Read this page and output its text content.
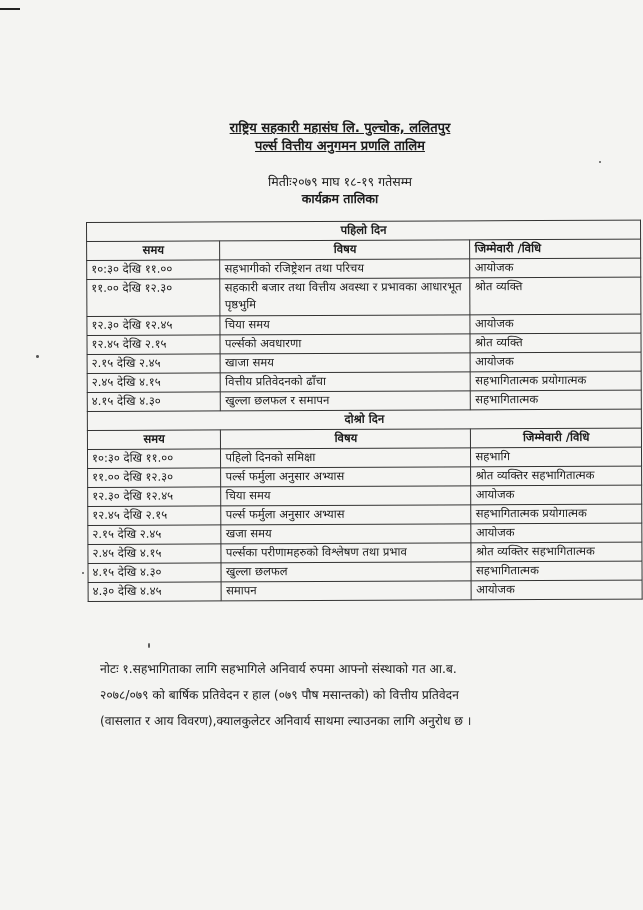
राष्ट्रिय सहकारी महासंघ लि. पुल्चोक, ललितपुर
पर्ल्स वित्तीय अनुगमन प्रणलि तालिम
मितीः२०७९ माघ १८-१९ गतेसम्म
कार्यक्रम तालिका
पहिलो दिन		
समय	विषय	जिम्मेवारी /विधि
१०:३० देखि ११.००	सहभागीको रजिष्ट्रेशन तथा परिचय	आयोजक
११.०० देखि १२.३०	सहकारी बजार तथा वित्तीय अवस्था र प्रभावका आधारभूत पृष्ठभुमि	श्रोत व्यक्ति
१२.३० देखि १२.४५	चिया समय	आयोजक
१२.४५ देखि २.१५	पर्ल्सको अवधारणा	श्रोत व्यक्ति
२.१५ देखि २.४५	खाजा समय	आयोजक
२.४५ देखि ४.१५	वित्तीय प्रतिवेदनको ढाँचा	सहभागितात्मक प्रयोगात्मक
४.१५ देखि ४.३०	खुल्ला छलफल र समापन	सहभागितात्मक
दोश्रो दिन		
समय	विषय	जिम्मेवारी /विधि
१०:३० देखि ११.००	पहिलो दिनको समिक्षा	सहभागि
११.०० देखि १२.३०	पर्ल्स फर्मुला अनुसार अभ्यास	श्रोत व्यक्तिर सहभागितात्मक
१२.३० देखि १२.४५	चिया समय	आयोजक
१२.४५ देखि २.१५	पर्ल्स फर्मुला अनुसार अभ्यास	सहभागितात्मक प्रयोगात्मक
२.१५ देखि २.४५	खजा समय	आयोजक
२.४५ देखि ४.१५	पर्ल्सका परीणामहरुको विश्लेषण तथा प्रभाव	श्रोत व्यक्तिर सहभागितात्मक
४.१५ देखि ४.३०	खुल्ला छलफल	सहभागितात्मक
४.३० देखि ४.४५	समापन	आयोजक

नोटः १.सहभागिताका लागि सहभागिले अनिवार्य रुपमा आफ्नो संस्थाको गत आ.ब.

२०७८/०७९ को बार्षिक प्रतिवेदन र हाल (०७९ पौष मसान्तको) को वित्तीय प्रतिवेदन

(वासलात र आय विवरण),क्यालकुलेटर अनिवार्य साथमा ल्याउनका लागि अनुरोध छ ।
